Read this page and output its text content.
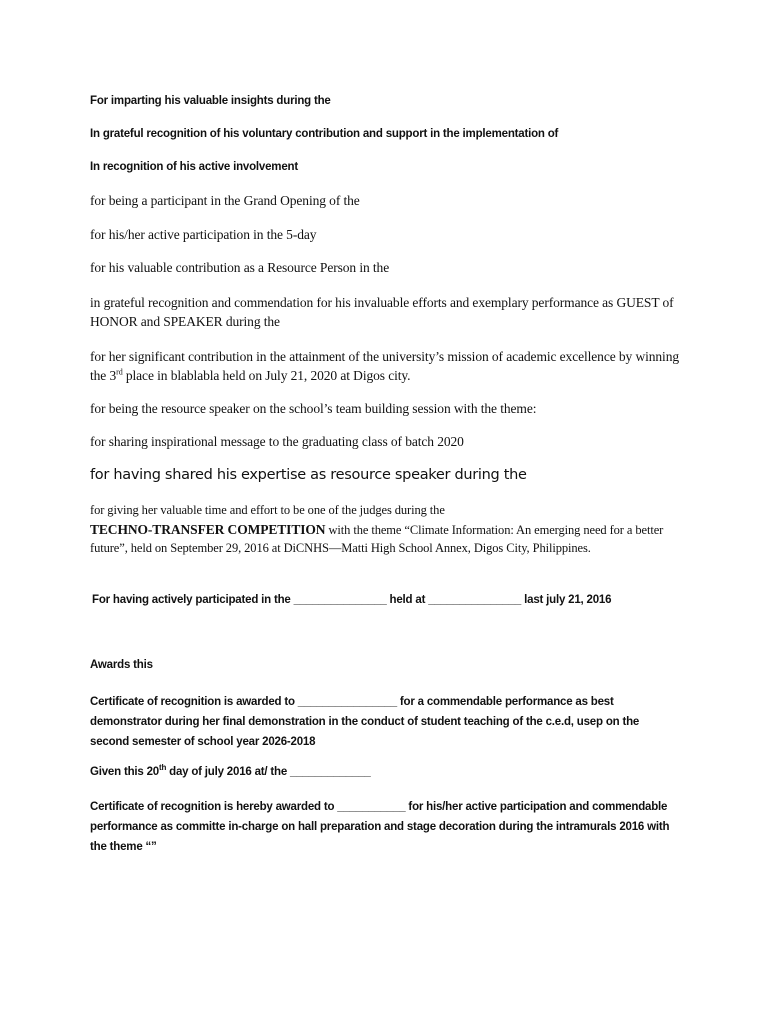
For imparting his valuable insights during the

In grateful recognition of his voluntary contribution and support in the implementation of

In recognition of his active involvement

for being a participant in the Grand Opening of the

for his/her active participation in the 5-day

for his valuable contribution as a Resource Person in the

in grateful recognition and commendation for his invaluable efforts and exemplary performance as GUEST of HONOR and SPEAKER during the

for her significant contribution in the attainment of the university’s mission of academic excellence by winning the 3rd place in blablabla held on July 21, 2020 at Digos city.

for being the resource speaker on the school’s team building session with the theme:

for sharing inspirational message to the graduating class of batch 2020

for having shared his expertise as resource speaker during the

for giving her valuable time and effort to be one of the judges during the

TECHNO-TRANSFER COMPETITION with the theme “Climate Information: An emerging need for a better future”, held on September 29, 2016 at DiCNHS—Matti High School Annex, Digos City, Philippines.

For having actively participated in the _______________ held at _______________ last july 21, 2016

Awards this

Certificate of recognition is awarded to ________________ for a commendable performance as best demonstrator during her final demonstration in the conduct of student teaching of the c.e.d, usep on the second semester of school year 2026-2018

Given this 20th day of july 2016 at/ the _____________

Certificate of recognition is hereby awarded to ___________ for his/her active participation and commendable performance as committe in-charge on hall preparation and stage decoration during the intramurals 2016 with the theme “”
